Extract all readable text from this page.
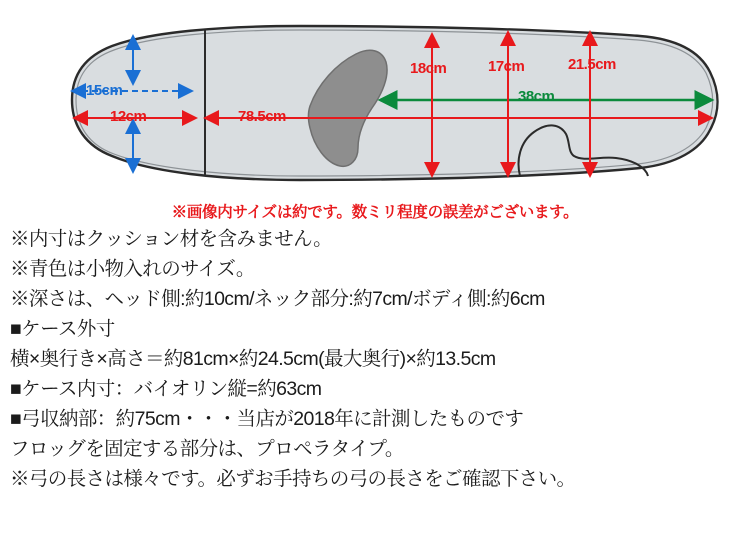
15cm
12cm	78.5cm
38cm
18cm	17cm	21.5cm
※画像内サイズは約です。数ミリ程度の誤差がございます。
※内寸はクッション材を含みません。
※青色は小物入れのサイズ。
※深さは、ヘッド側:約10cm/ネック部分:約7cm/ボディ側:約6cm
■ケース外寸
横×奥行き×高さ＝約81cm×約24.5cm(最大奥行)×約13.5cm
■ケース内寸：バイオリン縦=約63cm
■弓収納部：約75cm・・・当店が2018年に計測したものです
フロッグを固定する部分は、プロペラタイプ。
※弓の長さは様々です。必ずお手持ちの弓の長さをご確認下さい。
